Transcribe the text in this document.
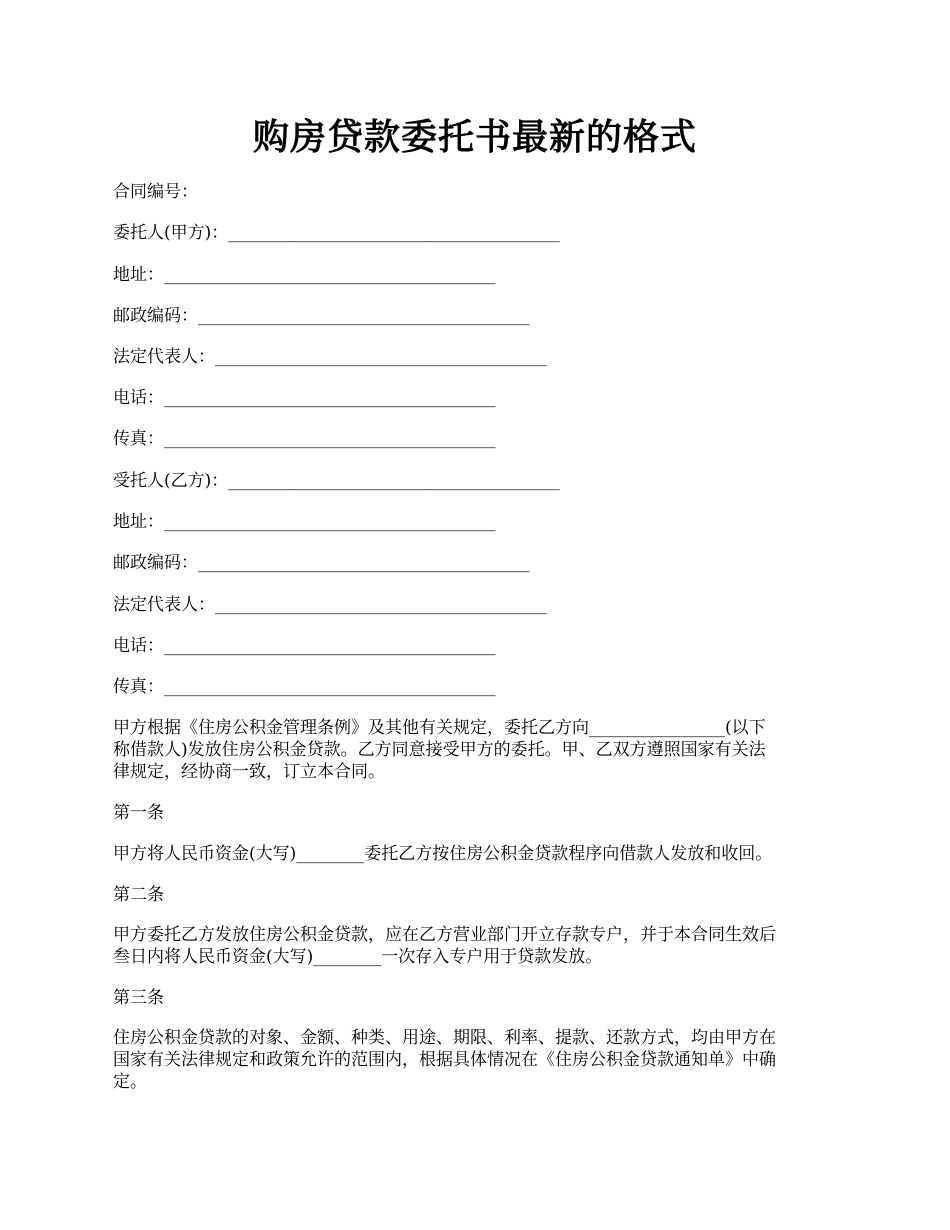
购房贷款委托书最新的格式
合同编号：
委托人(甲方)：_______________________________________
地址：_______________________________________
邮政编码：_______________________________________
法定代表人：_______________________________________
电话：_______________________________________
传真：_______________________________________
受托人(乙方)：_______________________________________
地址：_______________________________________
邮政编码：_______________________________________
法定代表人：_______________________________________
电话：_______________________________________
传真：_______________________________________
甲方根据《住房公积金管理条例》及其他有关规定，委托乙方向________________(以下
称借款人)发放住房公积金贷款。乙方同意接受甲方的委托。甲、乙双方遵照国家有关法
律规定，经协商一致，订立本合同。
第一条
甲方将人民币资金(大写)________委托乙方按住房公积金贷款程序向借款人发放和收回。
第二条
甲方委托乙方发放住房公积金贷款，应在乙方营业部门开立存款专户，并于本合同生效后
叁日内将人民币资金(大写)________一次存入专户用于贷款发放。
第三条
住房公积金贷款的对象、金额、种类、用途、期限、利率、提款、还款方式，均由甲方在
国家有关法律规定和政策允许的范围内，根据具体情况在《住房公积金贷款通知单》中确
定。
